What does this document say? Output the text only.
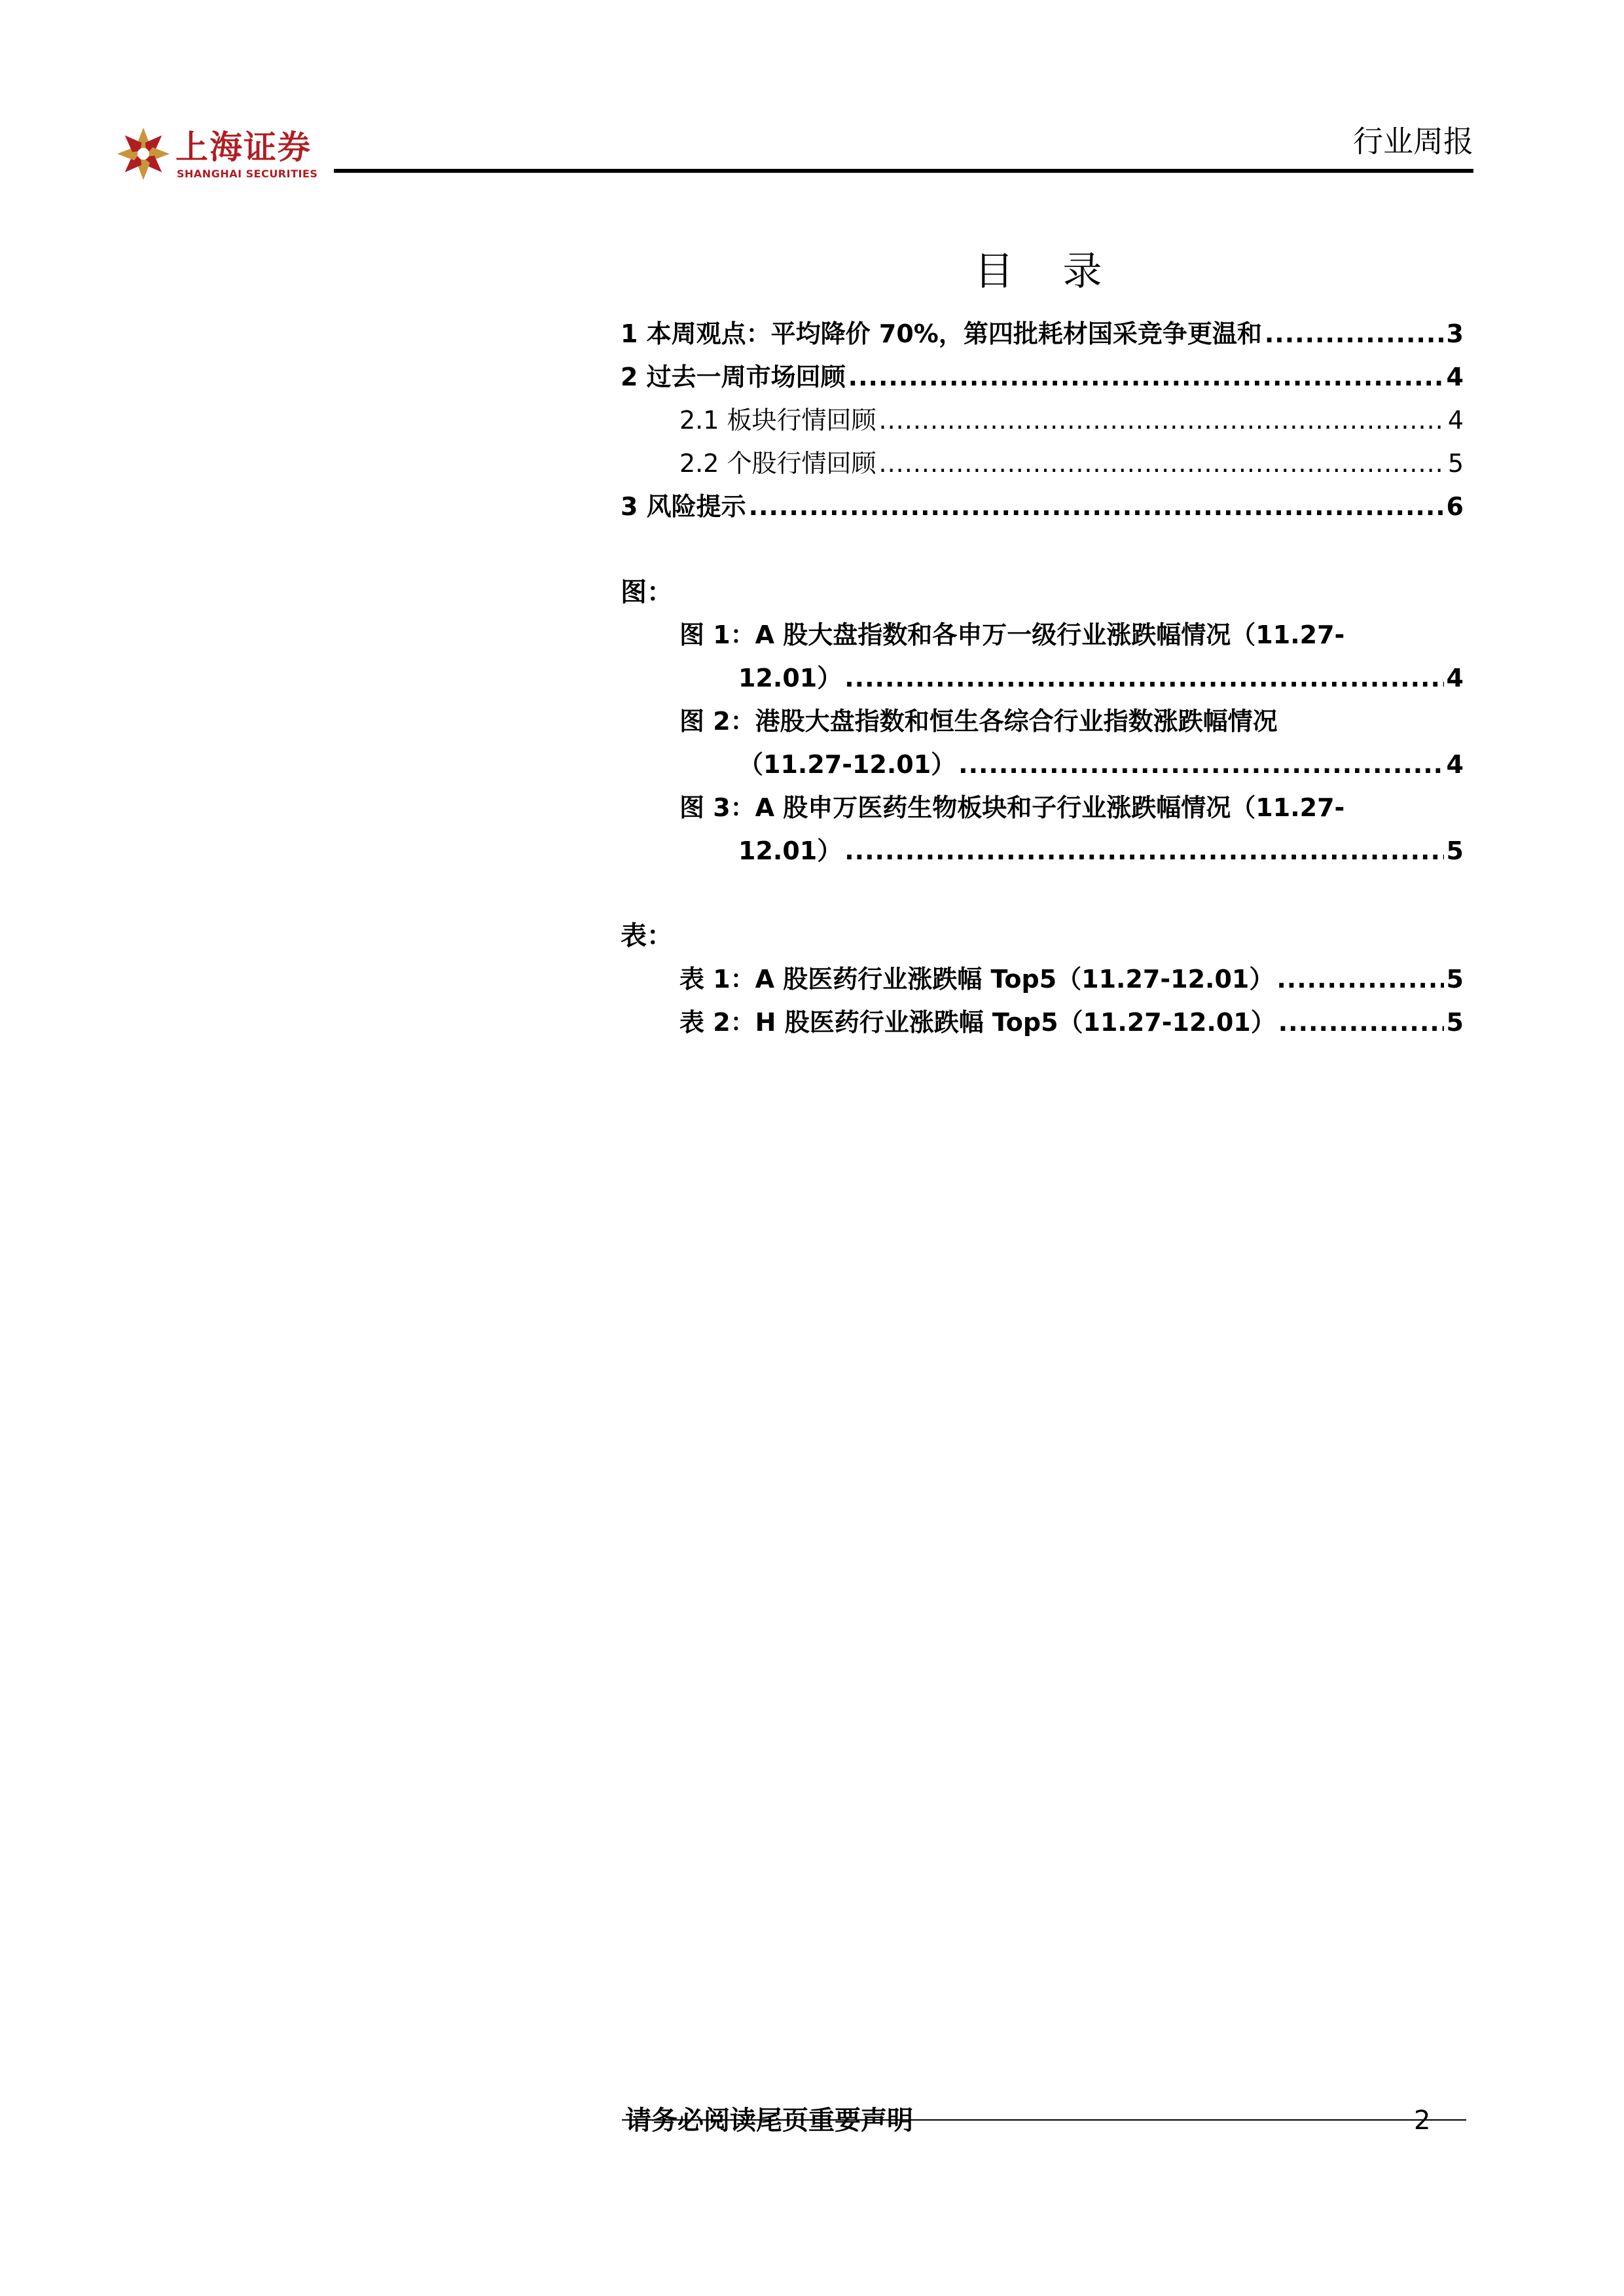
上海证券
SHANGHAI SECURITIES
行业周报
目 录
1 本周观点：平均降价 70%，第四批耗材国采竞争更温和 .....	3
2 过去一周市场回顾 .....	4
2.1 板块行情回顾 .....	4
2.2 个股行情回顾 .....	5
3 风险提示 .....	6
图：
图 1：A 股大盘指数和各申万一级行业涨跌幅情况（11.27-
12.01） .....	4
图 2：港股大盘指数和恒生各综合行业指数涨跌幅情况
（11.27-12.01） .....	4
图 3：A 股申万医药生物板块和子行业涨跌幅情况（11.27-
12.01） .....	5
表：
表 1：A 股医药行业涨跌幅 Top5（11.27-12.01） .....	5
表 2：H 股医药行业涨跌幅 Top5（11.27-12.01） .....	5
请务必阅读尾页重要声明	2
